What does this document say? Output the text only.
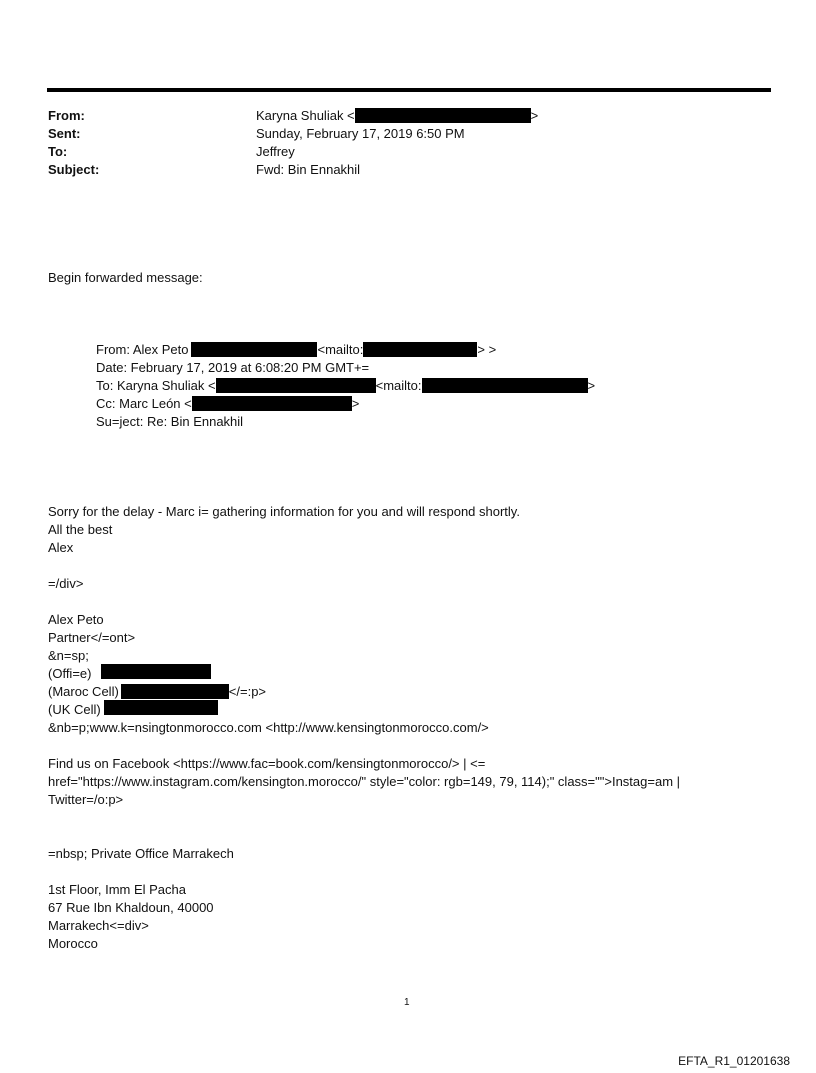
From:	Karyna Shuliak <	>
Sent:	Sunday, February 17, 2019 6:50 PM
To:	Jeffrey
Subject:	Fwd: Bin Ennakhil
Begin forwarded message:
From: Alex Peto	<mailto:	> >
Date: February 17, 2019 at 6:08:20 PM GMT+=
To: Karyna Shuliak <	<mailto:	>
Cc: Marc León <	>
Su=ject: Re: Bin Ennakhil
Sorry for the delay - Marc i= gathering information for you and will respond shortly.
All the best
Alex
=/div>
Alex Peto
Partner</=ont>
&n=sp;
(Offi=e)
(Maroc Cell)	</=:p>
(UK Cell)
&nb=p;www.k=nsingtonmorocco.com <http://www.kensingtonmorocco.com/>
Find us on Facebook <https://www.fac=book.com/kensingtonmorocco/> | <=
href="https://www.instagram.com/kensington.morocco/" style="color: rgb=149, 79, 114);" class="">Instag=am |
Twitter=/o:p>
=nbsp; Private Office Marrakech
1st Floor, Imm El Pacha
67 Rue Ibn Khaldoun, 40000
Marrakech<=div>
Morocco
1
EFTA_R1_01201638
